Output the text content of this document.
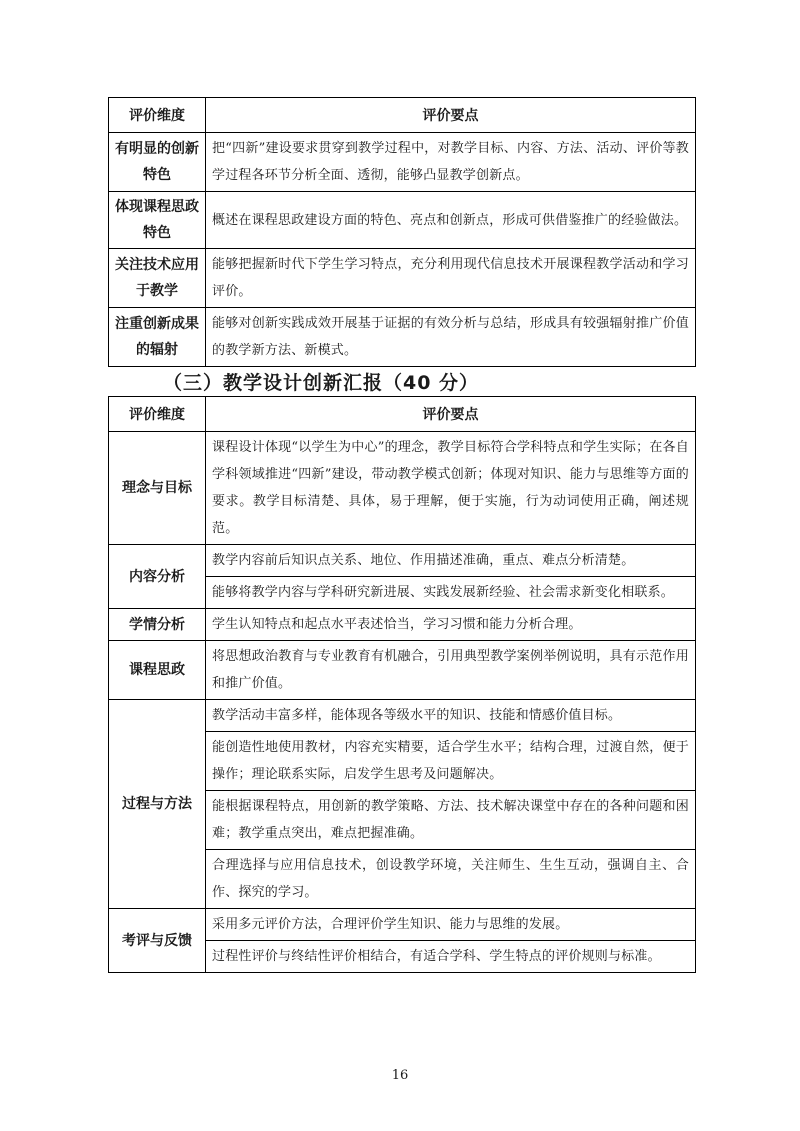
评价维度	评价要点
有明显的创新特色	把“四新”建设要求贯穿到教学过程中，对教学目标、内容、方法、活动、评价等教学过程各环节分析全面、透彻，能够凸显教学创新点。
体现课程思政特色	概述在课程思政建设方面的特色、亮点和创新点，形成可供借鉴推广的经验做法。
关注技术应用于教学	能够把握新时代下学生学习特点，充分利用现代信息技术开展课程教学活动和学习评价。
注重创新成果的辐射	能够对创新实践成效开展基于证据的有效分析与总结，形成具有较强辐射推广价值的教学新方法、新模式。
（三）教学设计创新汇报（40 分）
评价维度	评价要点
理念与目标	课程设计体现“以学生为中心”的理念，教学目标符合学科特点和学生实际；在各自学科领域推进“四新”建设，带动教学模式创新；体现对知识、能力与思维等方面的要求。教学目标清楚、具体，易于理解，便于实施，行为动词使用正确，阐述规范。
内容分析	教学内容前后知识点关系、地位、作用描述准确，重点、难点分析清楚。
	能够将教学内容与学科研究新进展、实践发展新经验、社会需求新变化相联系。
学情分析	学生认知特点和起点水平表述恰当，学习习惯和能力分析合理。
课程思政	将思想政治教育与专业教育有机融合，引用典型教学案例举例说明，具有示范作用和推广价值。
过程与方法	教学活动丰富多样，能体现各等级水平的知识、技能和情感价值目标。
	能创造性地使用教材，内容充实精要，适合学生水平；结构合理，过渡自然，便于操作；理论联系实际，启发学生思考及问题解决。
	能根据课程特点，用创新的教学策略、方法、技术解决课堂中存在的各种问题和困难；教学重点突出，难点把握准确。
	合理选择与应用信息技术，创设教学环境，关注师生、生生互动，强调自主、合作、探究的学习。
考评与反馈	采用多元评价方法，合理评价学生知识、能力与思维的发展。
	过程性评价与终结性评价相结合，有适合学科、学生特点的评价规则与标准。
16
